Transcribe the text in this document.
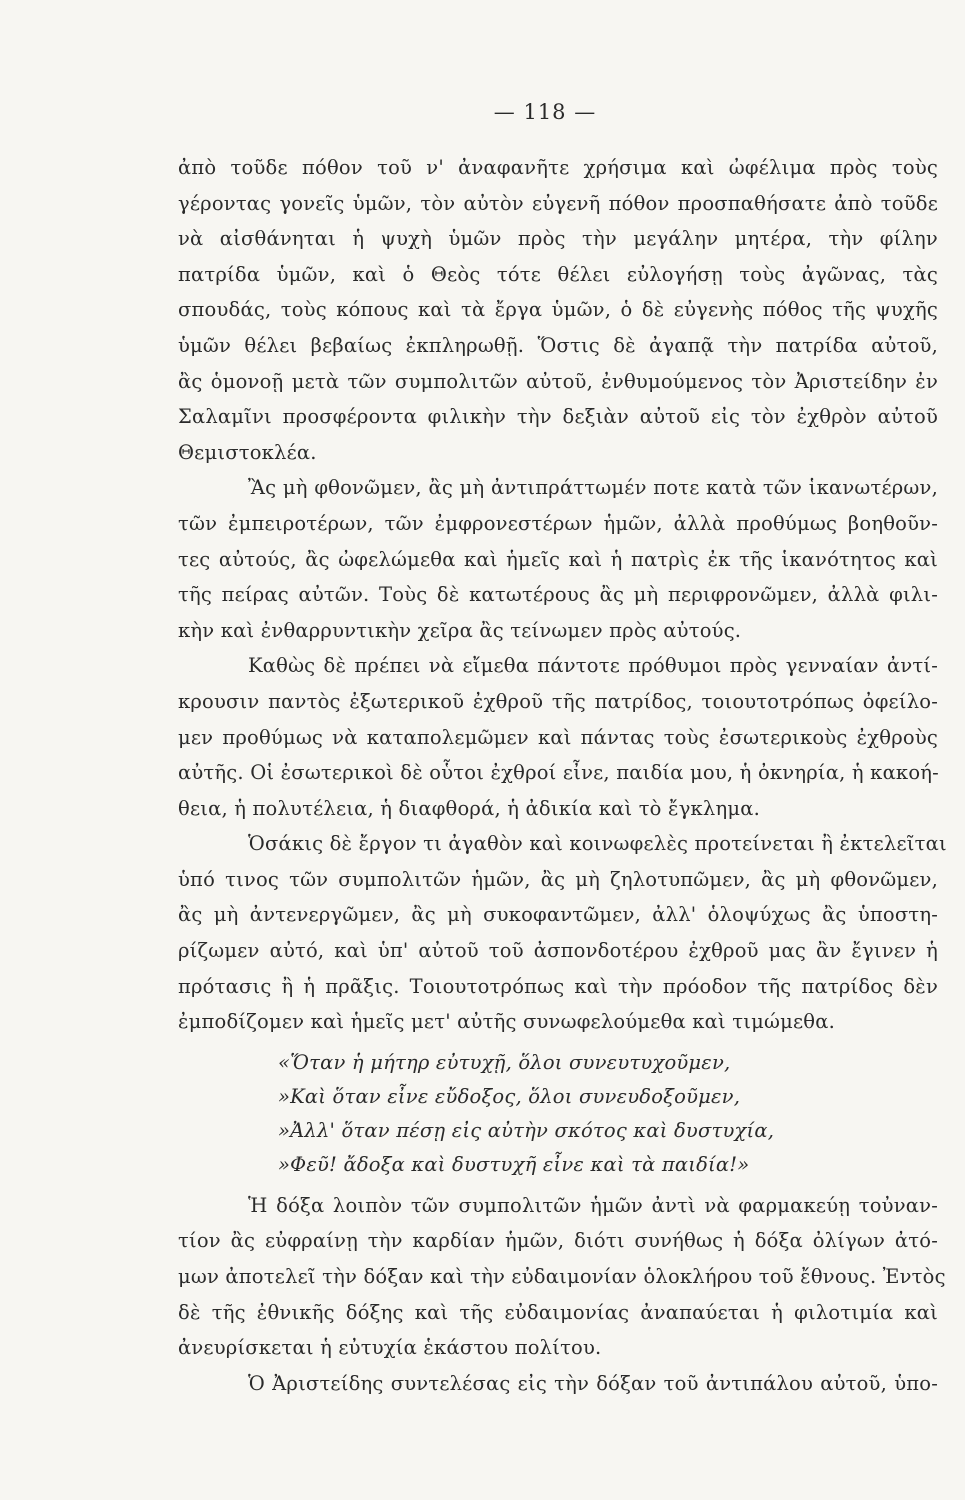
— 118 —
ἀπὸ τοῦδε πόθον τοῦ ν' ἀναφανῆτε χρήσιμα καὶ ὠφέλιμα πρὸς τοὺς
γέροντας γονεῖς ὑμῶν, τὸν αὐτὸν εὐγενῆ πόθον προσπαθήσατε ἀπὸ τοῦδε
νὰ αἰσθάνηται ἡ ψυχὴ ὑμῶν πρὸς τὴν μεγάλην μητέρα, τὴν φίλην
πατρίδα ὑμῶν, καὶ ὁ Θεὸς τότε θέλει εὐλογήσῃ τοὺς ἀγῶνας, τὰς
σπουδάς, τοὺς κόπους καὶ τὰ ἔργα ὑμῶν, ὁ δὲ εὐγενὴς πόθος τῆς ψυχῆς
ὑμῶν θέλει βεβαίως ἐκπληρωθῇ. Ὅστις δὲ ἀγαπᾷ τὴν πατρίδα αὐτοῦ,
ἂς ὁμονοῇ μετὰ τῶν συμπολιτῶν αὐτοῦ, ἐνθυμούμενος τὸν Ἀριστείδην ἐν
Σαλαμῖνι προσφέροντα φιλικὴν τὴν δεξιὰν αὐτοῦ εἰς τὸν ἐχθρὸν αὐτοῦ
Θεμιστοκλέα.
Ἂς μὴ φθονῶμεν, ἂς μὴ ἀντιπράττωμέν ποτε κατὰ τῶν ἱκανωτέρων,
τῶν ἐμπειροτέρων, τῶν ἐμφρονεστέρων ἡμῶν, ἀλλὰ προθύμως βοηθοῦν-
τες αὐτούς, ἂς ὠφελώμεθα καὶ ἡμεῖς καὶ ἡ πατρὶς ἐκ τῆς ἱκανότητος καὶ
τῆς πείρας αὐτῶν. Τοὺς δὲ κατωτέρους ἂς μὴ περιφρονῶμεν, ἀλλὰ φιλι-
κὴν καὶ ἐνθαρρυντικὴν χεῖρα ἂς τείνωμεν πρὸς αὐτούς.
Καθὼς δὲ πρέπει νὰ εἴμεθα πάντοτε πρόθυμοι πρὸς γενναίαν ἀντί-
κρουσιν παντὸς ἐξωτερικοῦ ἐχθροῦ τῆς πατρίδος, τοιουτοτρόπως ὀφείλο-
μεν προθύμως νὰ καταπολεμῶμεν καὶ πάντας τοὺς ἐσωτερικοὺς ἐχθροὺς
αὐτῆς. Οἱ ἐσωτερικοὶ δὲ οὗτοι ἐχθροί εἶνε, παιδία μου, ἡ ὀκνηρία, ἡ κακοή-
θεια, ἡ πολυτέλεια, ἡ διαφθορά, ἡ ἀδικία καὶ τὸ ἔγκλημα.
Ὁσάκις δὲ ἔργον τι ἀγαθὸν καὶ κοινωφελὲς προτείνεται ἢ ἐκτελεῖται
ὑπό τινος τῶν συμπολιτῶν ἡμῶν, ἂς μὴ ζηλοτυπῶμεν, ἂς μὴ φθονῶμεν,
ἂς μὴ ἀντενεργῶμεν, ἂς μὴ συκοφαντῶμεν, ἀλλ' ὁλοψύχως ἂς ὑποστη-
ρίζωμεν αὐτό, καὶ ὑπ' αὐτοῦ τοῦ ἀσπονδοτέρου ἐχθροῦ μας ἂν ἔγινεν ἡ
πρότασις ἢ ἡ πρᾶξις. Τοιουτοτρόπως καὶ τὴν πρόοδον τῆς πατρίδος δὲν
ἐμποδίζομεν καὶ ἡμεῖς μετ' αὐτῆς συνωφελούμεθα καὶ τιμώμεθα.
«Ὅταν ἡ μήτηρ εὐτυχῇ, ὅλοι συνευτυχοῦμεν,
»Καὶ ὅταν εἶνε εὔδοξος, ὅλοι συνευδοξοῦμεν,
»Ἀλλ' ὅταν πέσῃ εἰς αὐτὴν σκότος καὶ δυστυχία,
»Φεῦ! ἄδοξα καὶ δυστυχῆ εἶνε καὶ τὰ παιδία!»
Ἡ δόξα λοιπὸν τῶν συμπολιτῶν ἡμῶν ἀντὶ νὰ φαρμακεύῃ τοὐναν-
τίον ἂς εὐφραίνῃ τὴν καρδίαν ἡμῶν, διότι συνήθως ἡ δόξα ὀλίγων ἀτό-
μων ἀποτελεῖ τὴν δόξαν καὶ τὴν εὐδαιμονίαν ὁλοκλήρου τοῦ ἔθνους. Ἐντὸς
δὲ τῆς ἐθνικῆς δόξης καὶ τῆς εὐδαιμονίας ἀναπαύεται ἡ φιλοτιμία καὶ
ἀνευρίσκεται ἡ εὐτυχία ἑκάστου πολίτου.
Ὁ Ἀριστείδης συντελέσας εἰς τὴν δόξαν τοῦ ἀντιπάλου αὐτοῦ, ὑπο-
